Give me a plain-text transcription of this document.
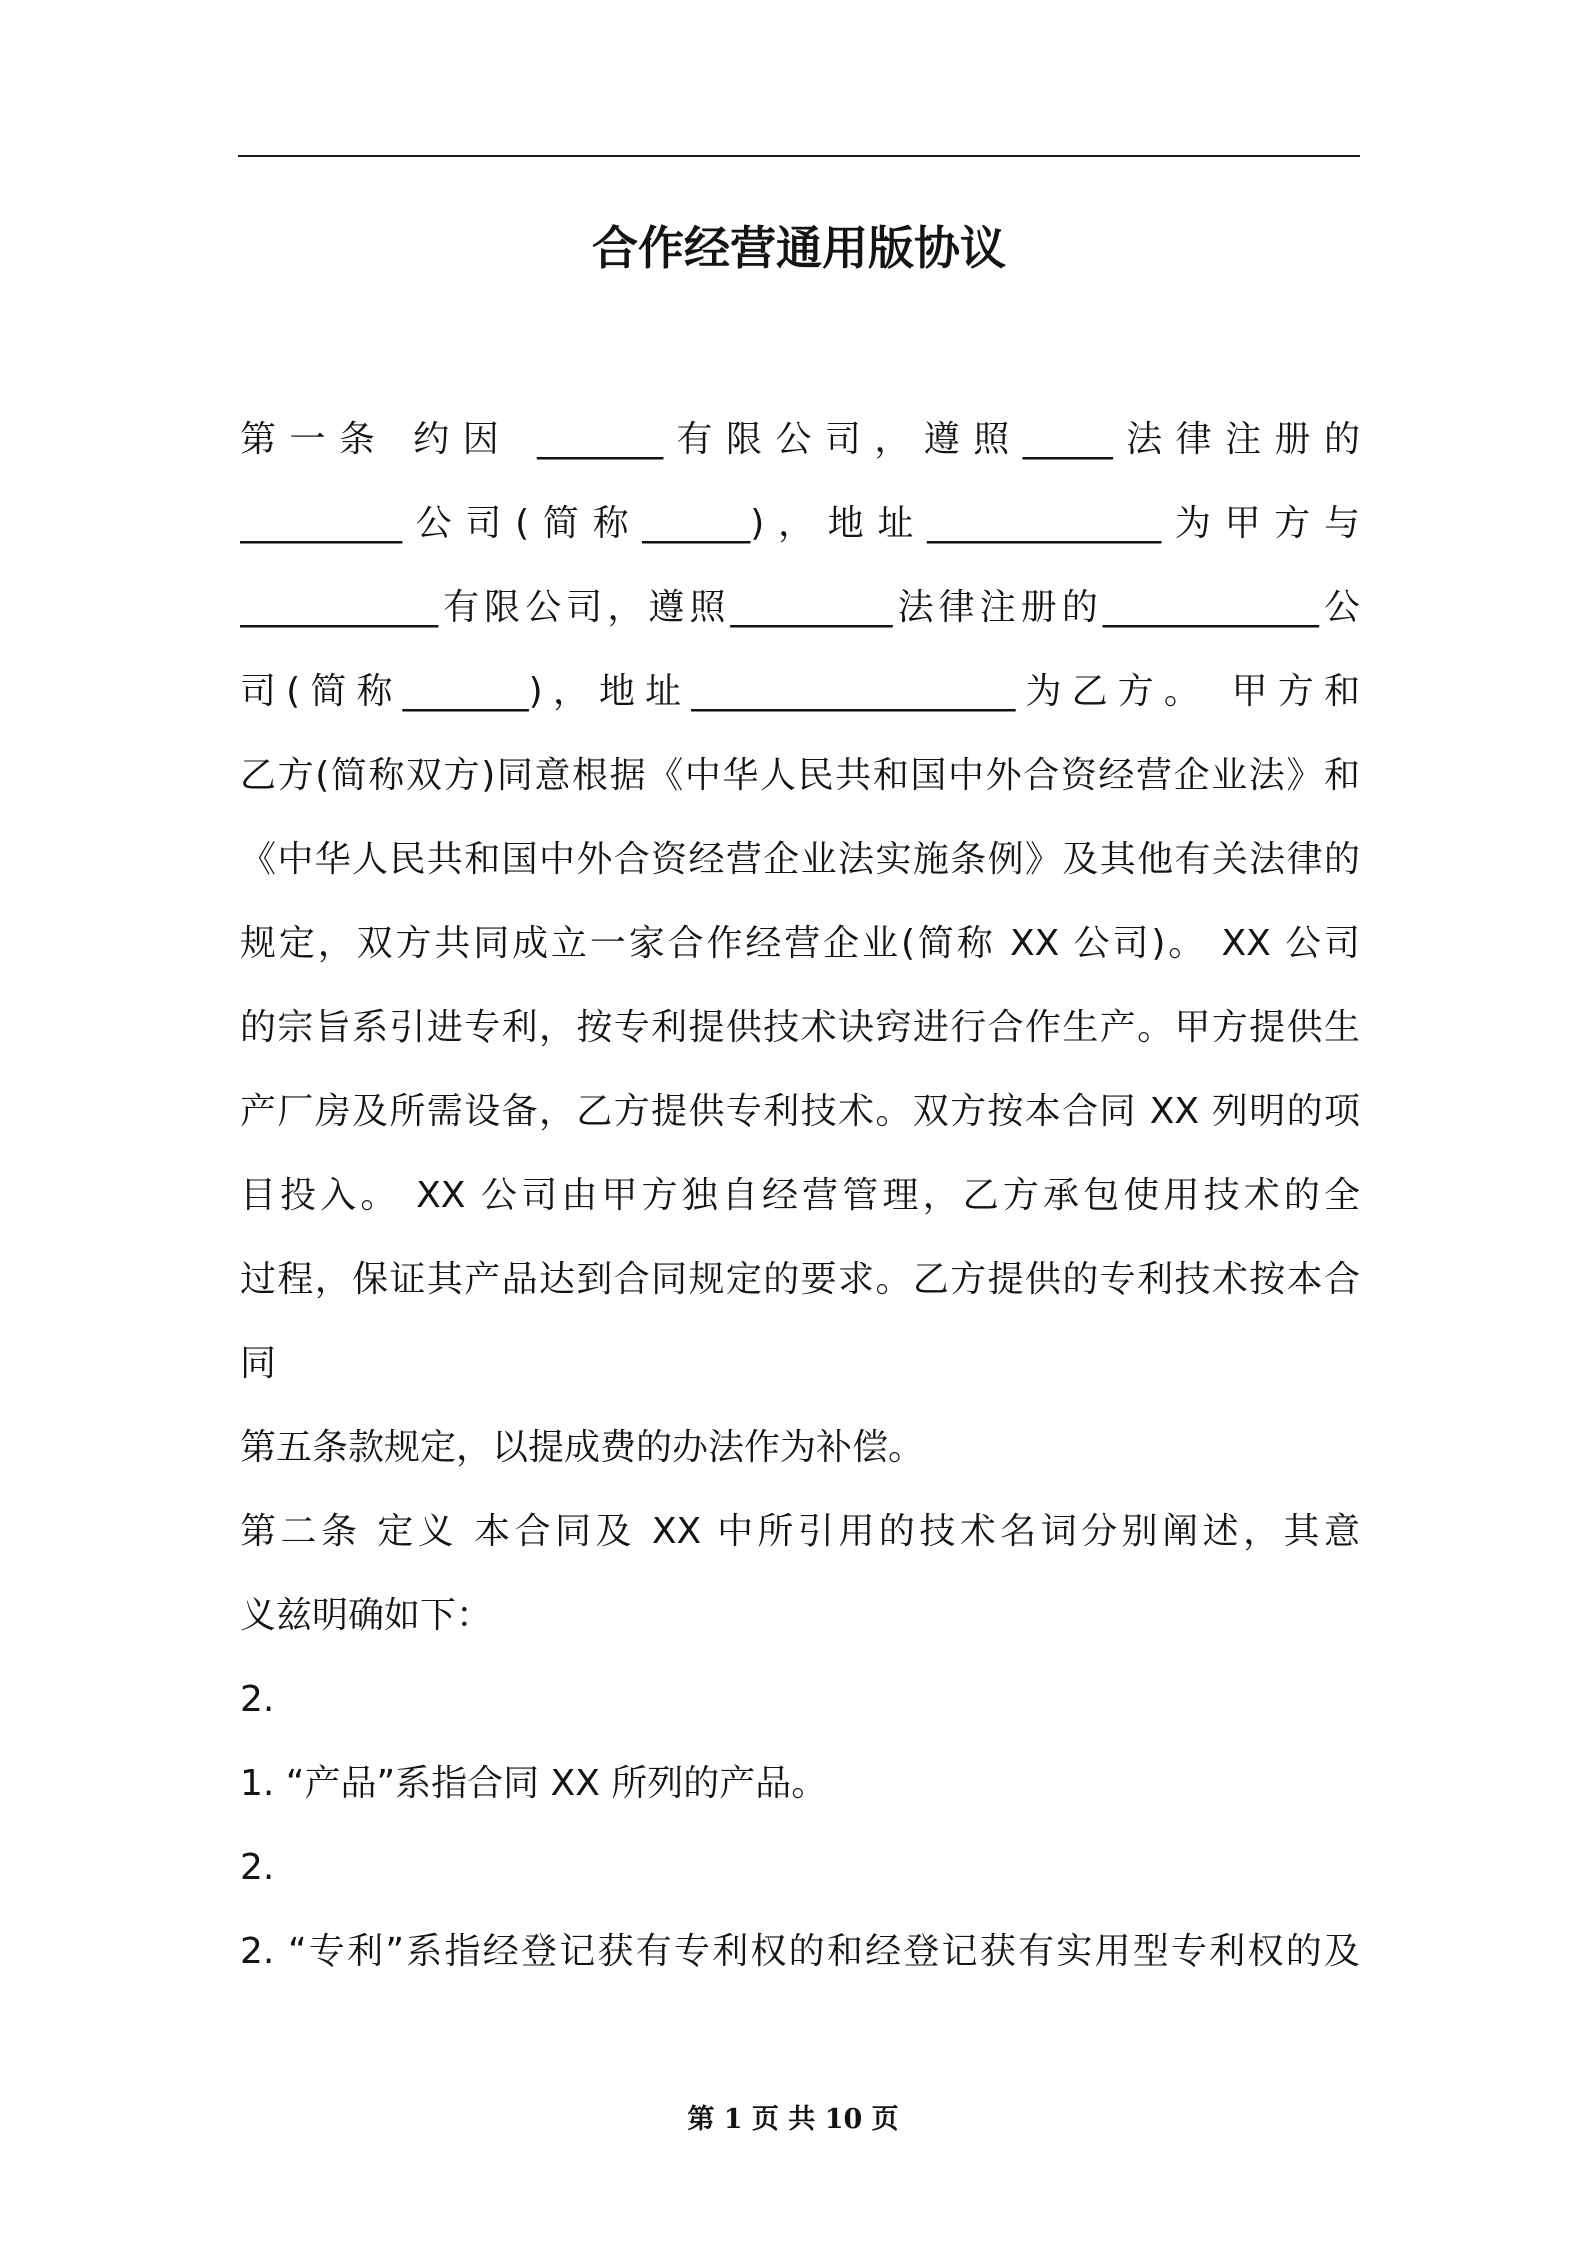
合作经营通用版协议
第一条 约因 _______有限公司，遵照_____法律注册的
_________公司(简称______)，地址_____________为甲方与
___________有限公司，遵照_________法律注册的____________公
司(简称_______)，地址__________________为乙方。 甲方和
乙方(简称双方)同意根据《中华人民共和国中外合资经营企业法》和
《中华人民共和国中外合资经营企业法实施条例》及其他有关法律的
规定，双方共同成立一家合作经营企业(简称 XX 公司)。 XX 公司
的宗旨系引进专利，按专利提供技术诀窍进行合作生产。甲方提供生
产厂房及所需设备，乙方提供专利技术。双方按本合同 XX 列明的项
目投入。 XX 公司由甲方独自经营管理，乙方承包使用技术的全
过程，保证其产品达到合同规定的要求。乙方提供的专利技术按本合
同
第五条款规定，以提成费的办法作为补偿。
第二条 定义 本合同及 XX 中所引用的技术名词分别阐述，其意
义兹明确如下：
2.
1. “产品”系指合同 XX 所列的产品。
2.
2. “专利”系指经登记获有专利权的和经登记获有实用型专利权的及
第 1 页 共 10 页
